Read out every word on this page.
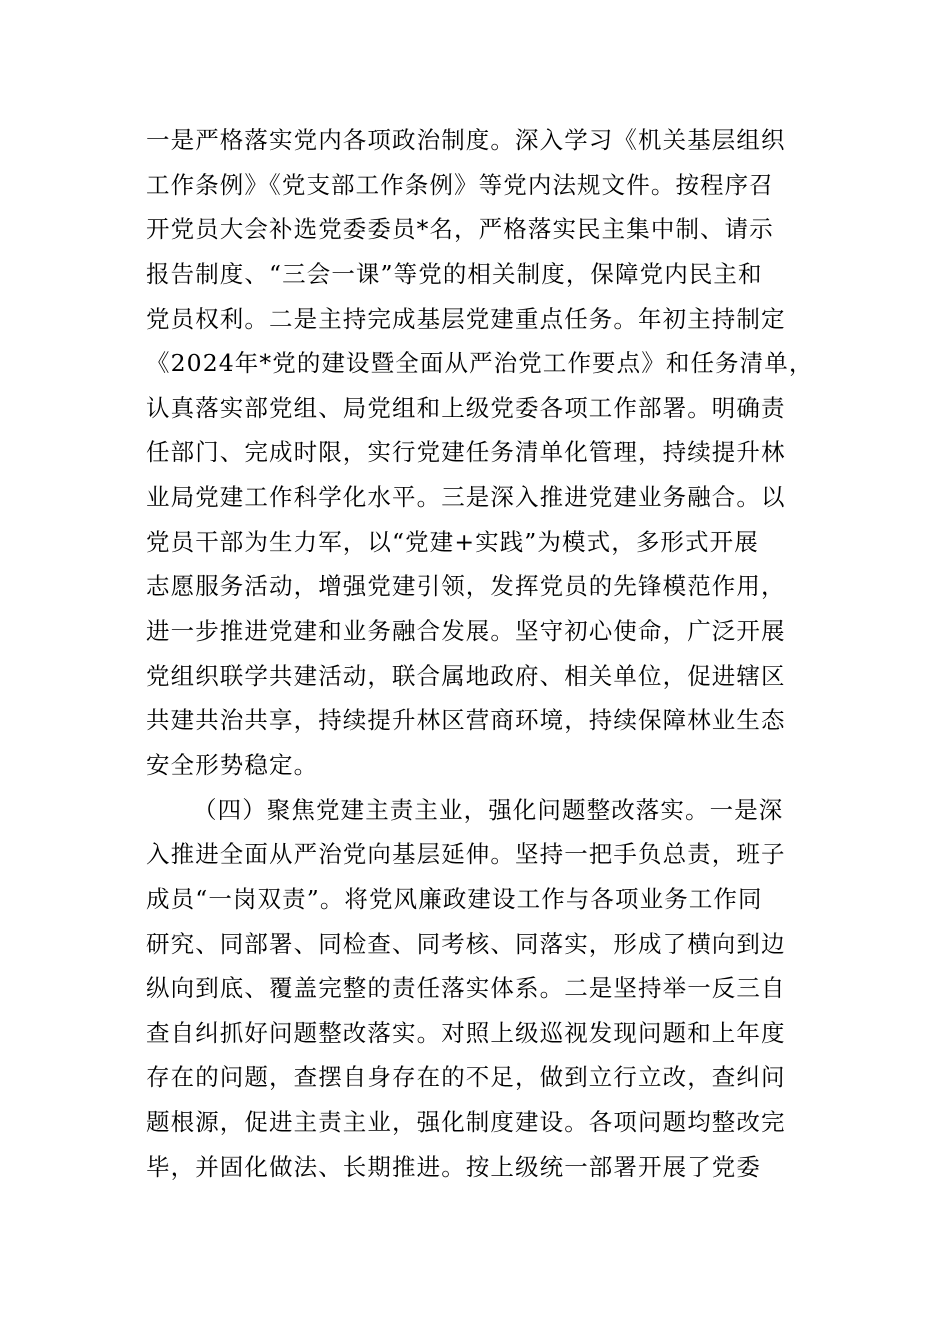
一是严格落实党内各项政治制度。深入学习《机关基层组织
工作条例》《党支部工作条例》等党内法规文件。按程序召
开党员大会补选党委委员*名，严格落实民主集中制、请示
报告制度、“三会一课”等党的相关制度，保障党内民主和
党员权利。二是主持完成基层党建重点任务。年初主持制定
《2024年*党的建设暨全面从严治党工作要点》和任务清单，
认真落实部党组、局党组和上级党委各项工作部署。明确责
任部门、完成时限，实行党建任务清单化管理，持续提升林
业局党建工作科学化水平。三是深入推进党建业务融合。以
党员干部为生力军，以“党建+实践”为模式，多形式开展
志愿服务活动，增强党建引领，发挥党员的先锋模范作用，
进一步推进党建和业务融合发展。坚守初心使命，广泛开展
党组织联学共建活动，联合属地政府、相关单位，促进辖区
共建共治共享，持续提升林区营商环境，持续保障林业生态
安全形势稳定。
（四）聚焦党建主责主业，强化问题整改落实。一是深
入推进全面从严治党向基层延伸。坚持一把手负总责，班子
成员“一岗双责”。将党风廉政建设工作与各项业务工作同
研究、同部署、同检查、同考核、同落实，形成了横向到边
纵向到底、覆盖完整的责任落实体系。二是坚持举一反三自
查自纠抓好问题整改落实。对照上级巡视发现问题和上年度
存在的问题，查摆自身存在的不足，做到立行立改，查纠问
题根源，促进主责主业，强化制度建设。各项问题均整改完
毕，并固化做法、长期推进。按上级统一部署开展了党委
